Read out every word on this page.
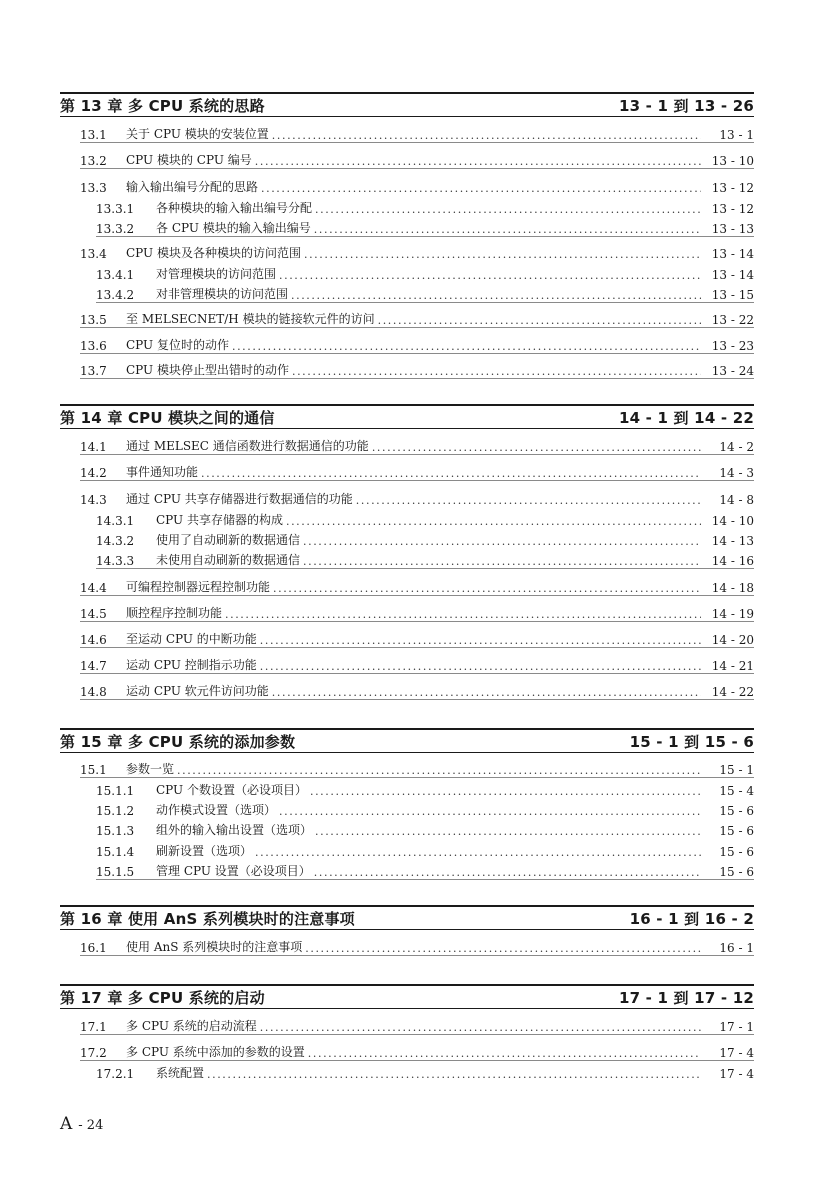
第 13 章 多 CPU 系统的思路	13 - 1 到 13 - 26
13.1	关于 CPU 模块的安装位置 .....	13 - 1
13.2	CPU 模块的 CPU 编号 .....	13 - 10
13.3	输入输出编号分配的思路 .....	13 - 12
13.3.1	各种模块的输入输出编号分配 .....	13 - 12
13.3.2	各 CPU 模块的输入输出编号 .....	13 - 13
13.4	CPU 模块及各种模块的访问范围 .....	13 - 14
13.4.1	对管理模块的访问范围 .....	13 - 14
13.4.2	对非管理模块的访问范围 .....	13 - 15
13.5	至 MELSECNET/H 模块的链接软元件的访问 .....	13 - 22
13.6	CPU 复位时的动作 .....	13 - 23
13.7	CPU 模块停止型出错时的动作 .....	13 - 24
第 14 章 CPU 模块之间的通信	14 - 1 到 14 - 22
14.1	通过 MELSEC 通信函数进行数据通信的功能 .....	14 - 2
14.2	事件通知功能 .....	14 - 3
14.3	通过 CPU 共享存储器进行数据通信的功能 .....	14 - 8
14.3.1	CPU 共享存储器的构成 .....	14 - 10
14.3.2	使用了自动刷新的数据通信 .....	14 - 13
14.3.3	未使用自动刷新的数据通信 .....	14 - 16
14.4	可编程控制器远程控制功能 .....	14 - 18
14.5	顺控程序控制功能 .....	14 - 19
14.6	至运动 CPU 的中断功能 .....	14 - 20
14.7	运动 CPU 控制指示功能 .....	14 - 21
14.8	运动 CPU 软元件访问功能 .....	14 - 22
第 15 章 多 CPU 系统的添加参数	15 - 1 到 15 - 6
15.1	参数一览 .....	15 - 1
15.1.1	CPU 个数设置（必设项目） .....	15 - 4
15.1.2	动作模式设置（选项） .....	15 - 6
15.1.3	组外的输入输出设置（选项） .....	15 - 6
15.1.4	刷新设置（选项） .....	15 - 6
15.1.5	管理 CPU 设置（必设项目） .....	15 - 6
第 16 章 使用 AnS 系列模块时的注意事项	16 - 1 到 16 - 2
16.1	使用 AnS 系列模块时的注意事项 .....	16 - 1
第 17 章 多 CPU 系统的启动	17 - 1 到 17 - 12
17.1	多 CPU 系统的启动流程 .....	17 - 1
17.2	多 CPU 系统中添加的参数的设置 .....	17 - 4
17.2.1	系统配置 .....	17 - 4
A - 24
